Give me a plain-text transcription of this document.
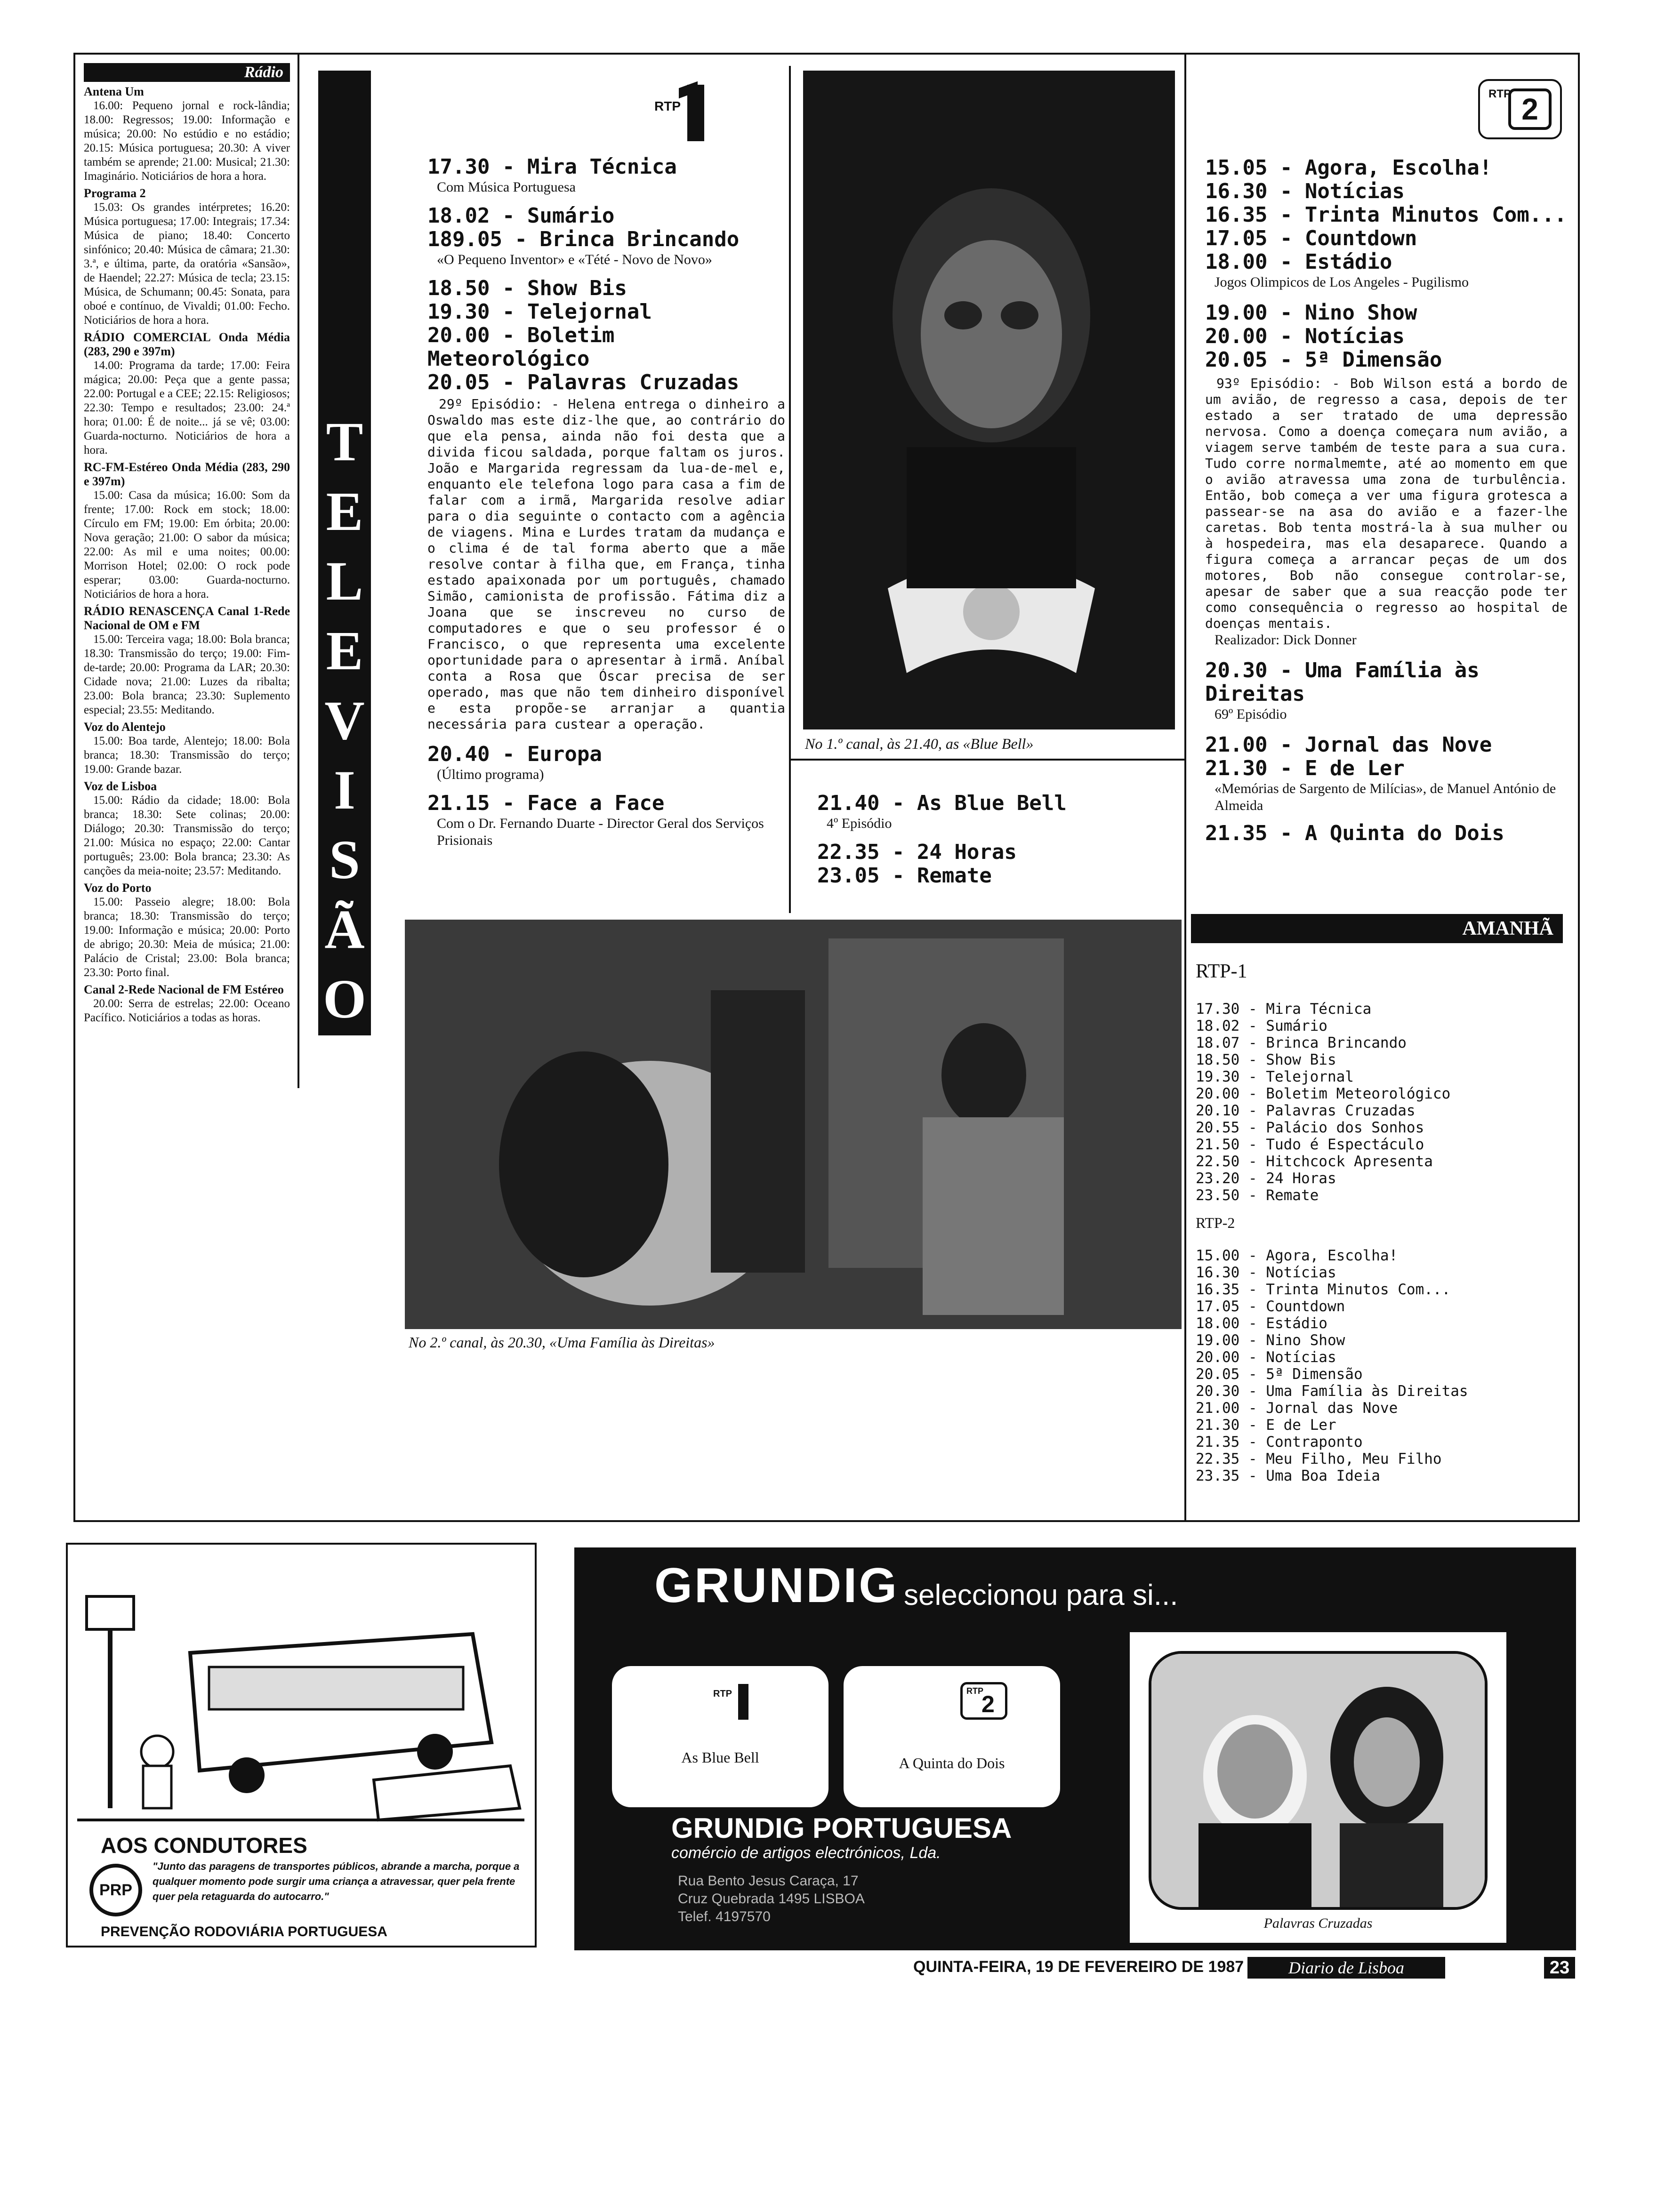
Rádio
Antena Um
16.00: Pequeno jornal e rock-lândia; 18.00: Regressos; 19.00: Informação e música; 20.00: No estúdio e no estádio; 20.15: Música portuguesa; 20.30: A viver também se aprende; 21.00: Musical; 21.30: Imaginário. Noticiários de hora a hora.
Programa 2
15.03: Os grandes intérpretes; 16.20: Música portuguesa; 17.00: Integrais; 17.34: Música de piano; 18.40: Concerto sinfónico; 20.40: Música de câmara; 21.30: 3.ª, e última, parte, da oratória «Sansão», de Haendel; 22.27: Música de tecla; 23.15: Música, de Schumann; 00.45: Sonata, para oboé e contínuo, de Vivaldi; 01.00: Fecho. Noticiários de hora a hora.
RÁDIO COMERCIAL Onda Média (283, 290 e 397m)
14.00: Programa da tarde; 17.00: Feira mágica; 20.00: Peça que a gente passa; 22.00: Portugal e a CEE; 22.15: Religiosos; 22.30: Tempo e resultados; 23.00: 24.ª hora; 01.00: É de noite... já se vê; 03.00: Guarda-nocturno. Noticiários de hora a hora.
RC-FM-Estéreo Onda Média (283, 290 e 397m)
15.00: Casa da música; 16.00: Som da frente; 17.00: Rock em stock; 18.00: Círculo em FM; 19.00: Em órbita; 20.00: Nova geração; 21.00: O sabor da música; 22.00: As mil e uma noites; 00.00: Morrison Hotel; 02.00: O rock pode esperar; 03.00: Guarda-nocturno. Noticiários de hora a hora.
RÁDIO RENASCENÇA Canal 1-Rede Nacional de OM e FM
15.00: Terceira vaga; 18.00: Bola branca; 18.30: Transmissão do terço; 19.00: Fim-de-tarde; 20.00: Programa da LAR; 20.30: Cidade nova; 21.00: Luzes da ribalta; 23.00: Bola branca; 23.30: Suplemento especial; 23.55: Meditando.
Voz do Alentejo
15.00: Boa tarde, Alentejo; 18.00: Bola branca; 18.30: Transmissão do terço; 19.00: Grande bazar.
Voz de Lisboa
15.00: Rádio da cidade; 18.00: Bola branca; 18.30: Sete colinas; 20.00: Diálogo; 20.30: Transmissão do terço; 21.00: Música no espaço; 22.00: Cantar português; 23.00: Bola branca; 23.30: As canções da meia-noite; 23.57: Meditando.
Voz do Porto
15.00: Passeio alegre; 18.00: Bola branca; 18.30: Transmissão do terço; 19.00: Informação e música; 20.00: Porto de abrigo; 20.30: Meia de música; 21.00: Palácio de Cristal; 23.00: Bola branca; 23.30: Porto final.
Canal 2-Rede Nacional de FM Estéreo
20.00: Serra de estrelas; 22.00: Oceano Pacífico. Noticiários a todas as horas.
T
E
L
E
V
I
S
Ã
O
RTP
17.30 - Mira Técnica
Com Música Portuguesa
18.02 - Sumário
189.05 - Brinca Brincando
«O Pequeno Inventor» e «Tété - Novo de Novo»
18.50 - Show Bis
19.30 - Telejornal
20.00 - Boletim Meteorológico
20.05 - Palavras Cruzadas
29º Episódio: - Helena entrega o dinheiro a Oswaldo mas este diz-lhe que, ao contrário do que ela pensa, ainda não foi desta que a divida ficou saldada, porque faltam os juros. João e Margarida regressam da lua-de-mel e, enquanto ele telefona logo para casa a fim de falar com a irmã, Margarida resolve adiar para o dia seguinte o contacto com a agência de viagens. Mina e Lurdes tratam da mudança e o clima é de tal forma aberto que a mãe resolve contar à filha que, em França, tinha estado apaixonada por um português, chamado Simão, camionista de profissão. Fátima diz a Joana que se inscreveu no curso de computadores e que o seu professor é o Francisco, o que representa uma excelente oportunidade para o apresentar à irmã. Aníbal conta a Rosa que Óscar precisa de ser operado, mas que não tem dinheiro disponível e esta propõe-se arranjar a quantia necessária para custear a operação.
20.40 - Europa
(Último programa)
21.15 - Face a Face
Com o Dr. Fernando Duarte - Director Geral dos Serviços Prisionais
No 1.º canal, às 21.40, as «Blue Bell»
21.40 - As Blue Bell
4º Episódio
22.35 - 24 Horas
23.05 - Remate
No 2.º canal, às 20.30, «Uma Família às Direitas»
RTP 2
15.05 - Agora, Escolha!
16.30 - Notícias
16.35 - Trinta Minutos Com...
17.05 - Countdown
18.00 - Estádio
Jogos Olimpicos de Los Angeles - Pugilismo
19.00 - Nino Show
20.00 - Notícias
20.05 - 5ª Dimensão
93º Episódio: - Bob Wilson está a bordo de um avião, de regresso a casa, depois de ter estado a ser tratado de uma depressão nervosa. Como a doença começara num avião, a viagem serve também de teste para a sua cura. Tudo corre normalmemte, até ao momento em que o avião atravessa uma zona de turbulência. Então, bob começa a ver uma figura grotesca a passear-se na asa do avião e a fazer-lhe caretas. Bob tenta mostrá-la à sua mulher ou à hospedeira, mas ela desaparece. Quando a figura começa a arrancar peças de um dos motores, Bob não consegue controlar-se, apesar de saber que a sua reacção pode ter como consequência o regresso ao hospital de doenças mentais.
Realizador: Dick Donner
20.30 - Uma Família às Direitas
69º Episódio
21.00 - Jornal das Nove
21.30 - E de Ler
«Memórias de Sargento de Milícias», de Manuel António de Almeida
21.35 - A Quinta do Dois
AMANHÃ
RTP-1
17.30 - Mira Técnica
18.02 - Sumário
18.07 - Brinca Brincando
18.50 - Show Bis
19.30 - Telejornal
20.00 - Boletim Meteorológico
20.10 - Palavras Cruzadas
20.55 - Palácio dos Sonhos
21.50 - Tudo é Espectáculo
22.50 - Hitchcock Apresenta
23.20 - 24 Horas
23.50 - Remate
RTP-2
15.00 - Agora, Escolha!
16.30 - Notícias
16.35 - Trinta Minutos Com...
17.05 - Countdown
18.00 - Estádio
19.00 - Nino Show
20.00 - Notícias
20.05 - 5ª Dimensão
20.30 - Uma Família às Direitas
21.00 - Jornal das Nove
21.30 - E de Ler
21.35 - Contraponto
22.35 - Meu Filho, Meu Filho
23.35 - Uma Boa Ideia
AOS CONDUTORES
PRP
"Junto das paragens de transportes públicos, abrande a marcha, porque a qualquer momento pode surgir uma criança a atravessar, quer pela frente quer pela retaguarda do autocarro."
PREVENÇÃO RODOVIÁRIA PORTUGUESA
GRUNDIG seleccionou para si...
RTP
As Blue Bell
RTP
2
A Quinta do Dois
GRUNDIG PORTUGUESA
comércio de artigos electrónicos, Lda.
Rua Bento Jesus Caraça, 17
Cruz Quebrada 1495 LISBOA
Telef. 4197570	Palavras Cruzadas
QUINTA-FEIRA, 19 DE FEVEREIRO DE 1987	Diario de Lisboa	23
